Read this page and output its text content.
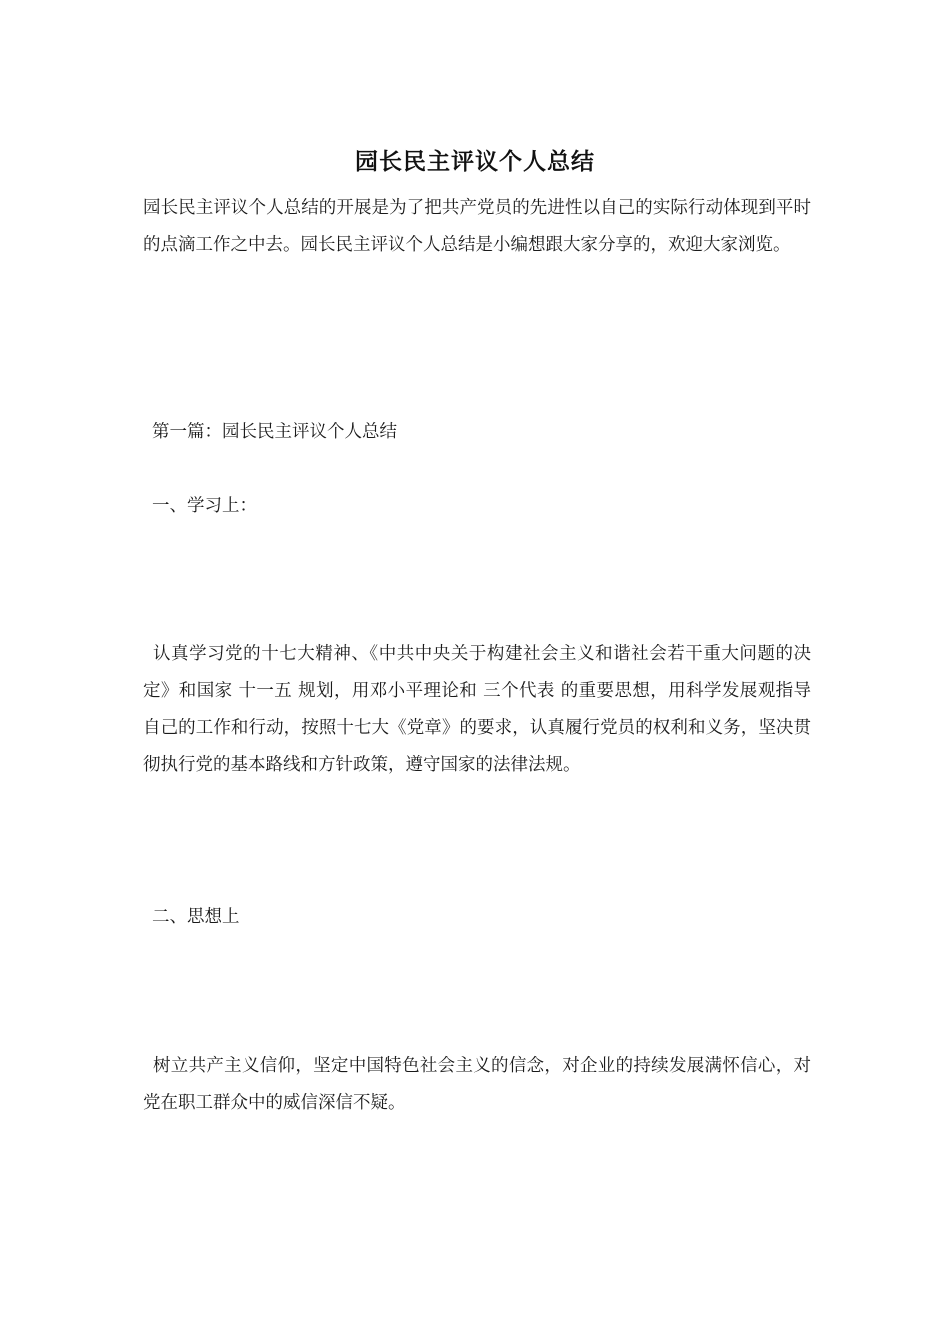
园长民主评议个人总结

园长民主评议个人总结的开展是为了把共产党员的先进性以自己的实际行动体现到平时的点滴工作之中去。园长民主评议个人总结是小编想跟大家分享的，欢迎大家浏览。

第一篇：园长民主评议个人总结

一、学习上：

认真学习党的十七大精神、《中共中央关于构建社会主义和谐社会若干重大问题的决定》和国家 十一五 规划，用邓小平理论和 三个代表 的重要思想，用科学发展观指导自己的工作和行动，按照十七大《党章》的要求，认真履行党员的权利和义务，坚决贯彻执行党的基本路线和方针政策，遵守国家的法律法规。

二、思想上

树立共产主义信仰，坚定中国特色社会主义的信念，对企业的持续发展满怀信心，对党在职工群众中的威信深信不疑。
